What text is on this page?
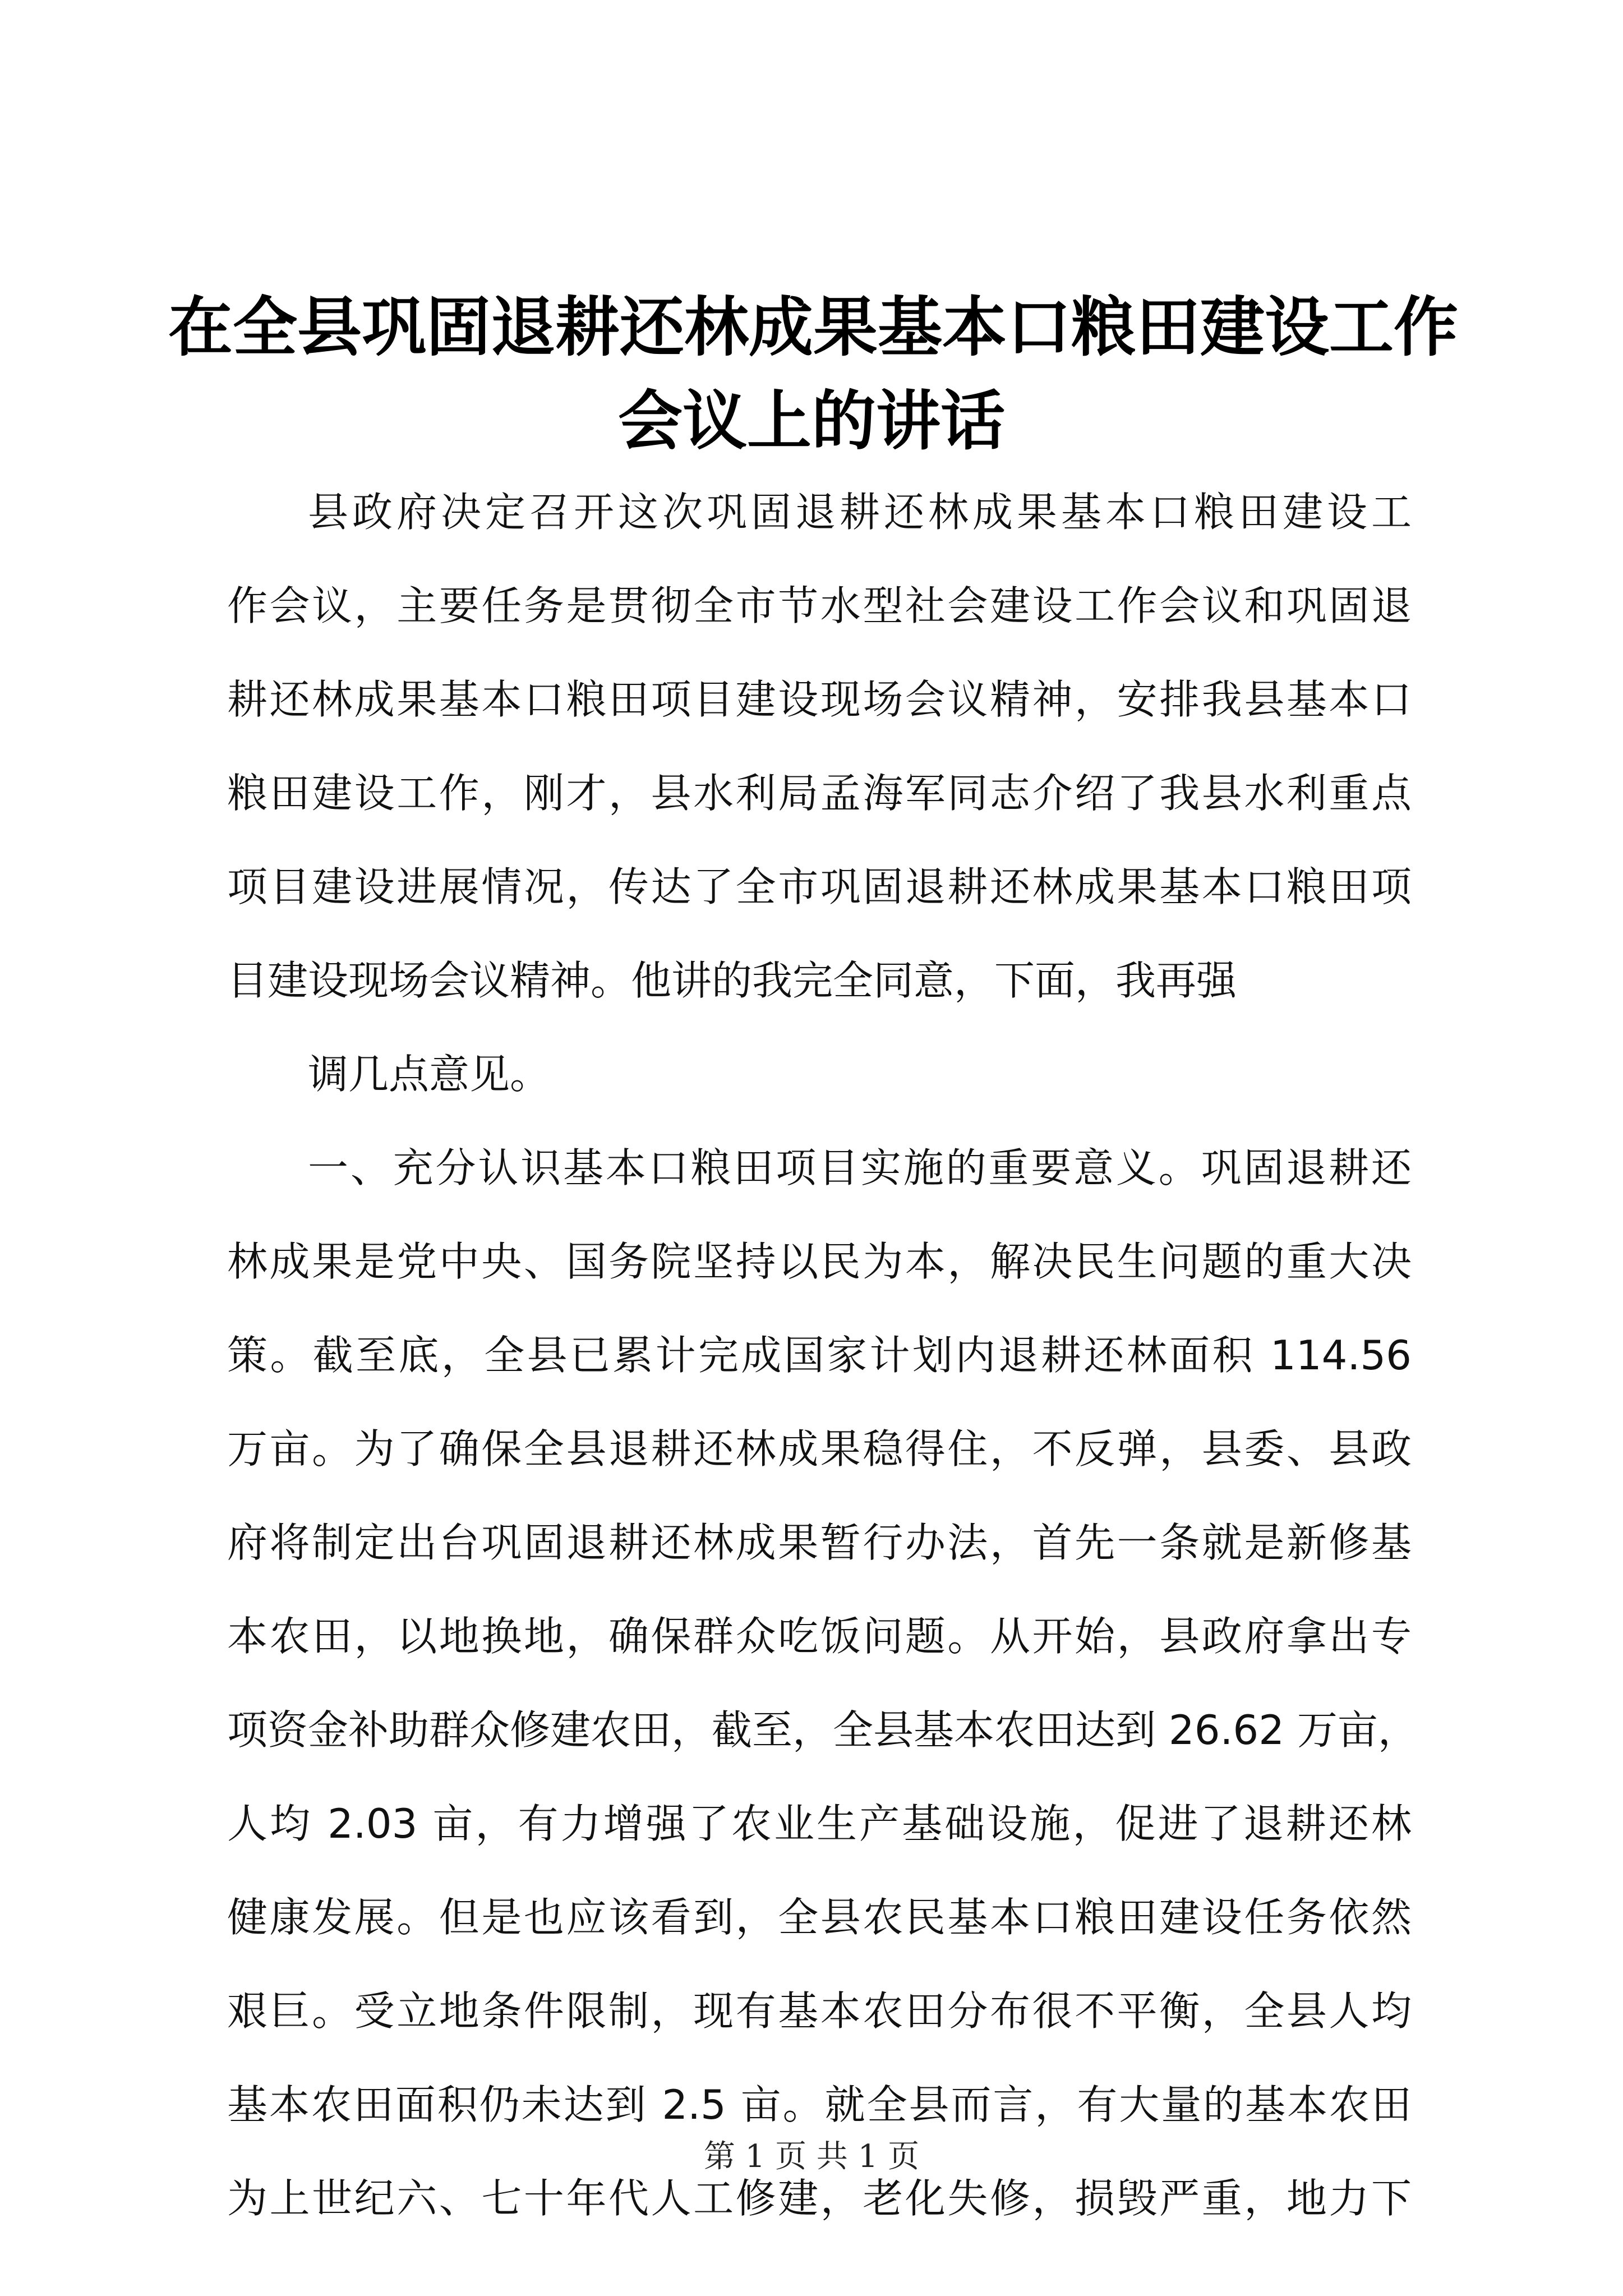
在全县巩固退耕还林成果基本口粮田建设工作
会议上的讲话
县政府决定召开这次巩固退耕还林成果基本口粮田建设工
作会议，主要任务是贯彻全市节水型社会建设工作会议和巩固退
耕还林成果基本口粮田项目建设现场会议精神，安排我县基本口
粮田建设工作，刚才，县水利局孟海军同志介绍了我县水利重点
项目建设进展情况，传达了全市巩固退耕还林成果基本口粮田项
目建设现场会议精神。他讲的我完全同意，下面，我再强
调几点意见。
一、充分认识基本口粮田项目实施的重要意义。巩固退耕还
林成果是党中央、国务院坚持以民为本，解决民生问题的重大决
策。截至底，全县已累计完成国家计划内退耕还林面积 114.56
万亩。为了确保全县退耕还林成果稳得住，不反弹，县委、县政
府将制定出台巩固退耕还林成果暂行办法，首先一条就是新修基
本农田，以地换地，确保群众吃饭问题。从开始，县政府拿出专
项资金补助群众修建农田，截至，全县基本农田达到 26.62 万亩，
人均 2.03 亩，有力增强了农业生产基础设施，促进了退耕还林
健康发展。但是也应该看到，全县农民基本口粮田建设任务依然
艰巨。受立地条件限制，现有基本农田分布很不平衡，全县人均
基本农田面积仍未达到 2.5 亩。就全县而言，有大量的基本农田
为上世纪六、七十年代人工修建，老化失修，损毁严重，地力下
第 1 页 共 1 页
